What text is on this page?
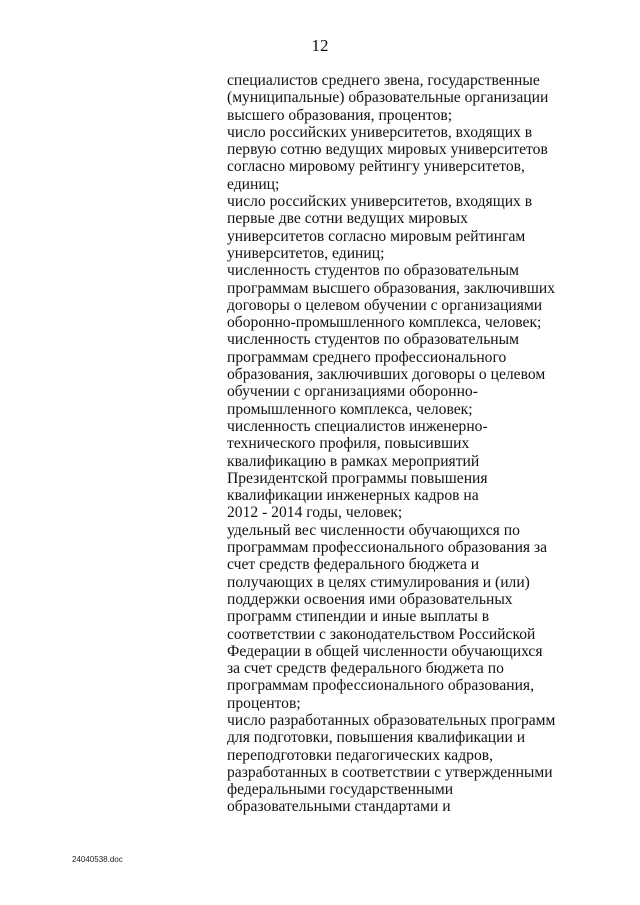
12
специалистов среднего звена, государственные
(муниципальные) образовательные организации
высшего образования, процентов;
число российских университетов, входящих в
первую сотню ведущих мировых университетов
согласно мировому рейтингу университетов,
единиц;
число российских университетов, входящих в
первые две сотни ведущих мировых
университетов согласно мировым рейтингам
университетов, единиц;
численность студентов по образовательным
программам высшего образования, заключивших
договоры о целевом обучении с организациями
оборонно-промышленного комплекса, человек;
численность студентов по образовательным
программам среднего профессионального
образования, заключивших договоры о целевом
обучении с организациями оборонно-
промышленного комплекса, человек;
численность специалистов инженерно-
технического профиля, повысивших
квалификацию в рамках мероприятий
Президентской программы повышения
квалификации инженерных кадров на
2012 - 2014 годы, человек;
удельный вес численности обучающихся по
программам профессионального образования за
счет средств федерального бюджета и
получающих в целях стимулирования и (или)
поддержки освоения ими образовательных
программ стипендии и иные выплаты в
соответствии с законодательством Российской
Федерации в общей численности обучающихся
за счет средств федерального бюджета по
программам профессионального образования,
процентов;
число разработанных образовательных программ
для подготовки, повышения квалификации и
переподготовки педагогических кадров,
разработанных в соответствии с утвержденными
федеральными государственными
образовательными стандартами и
24040538.doc
